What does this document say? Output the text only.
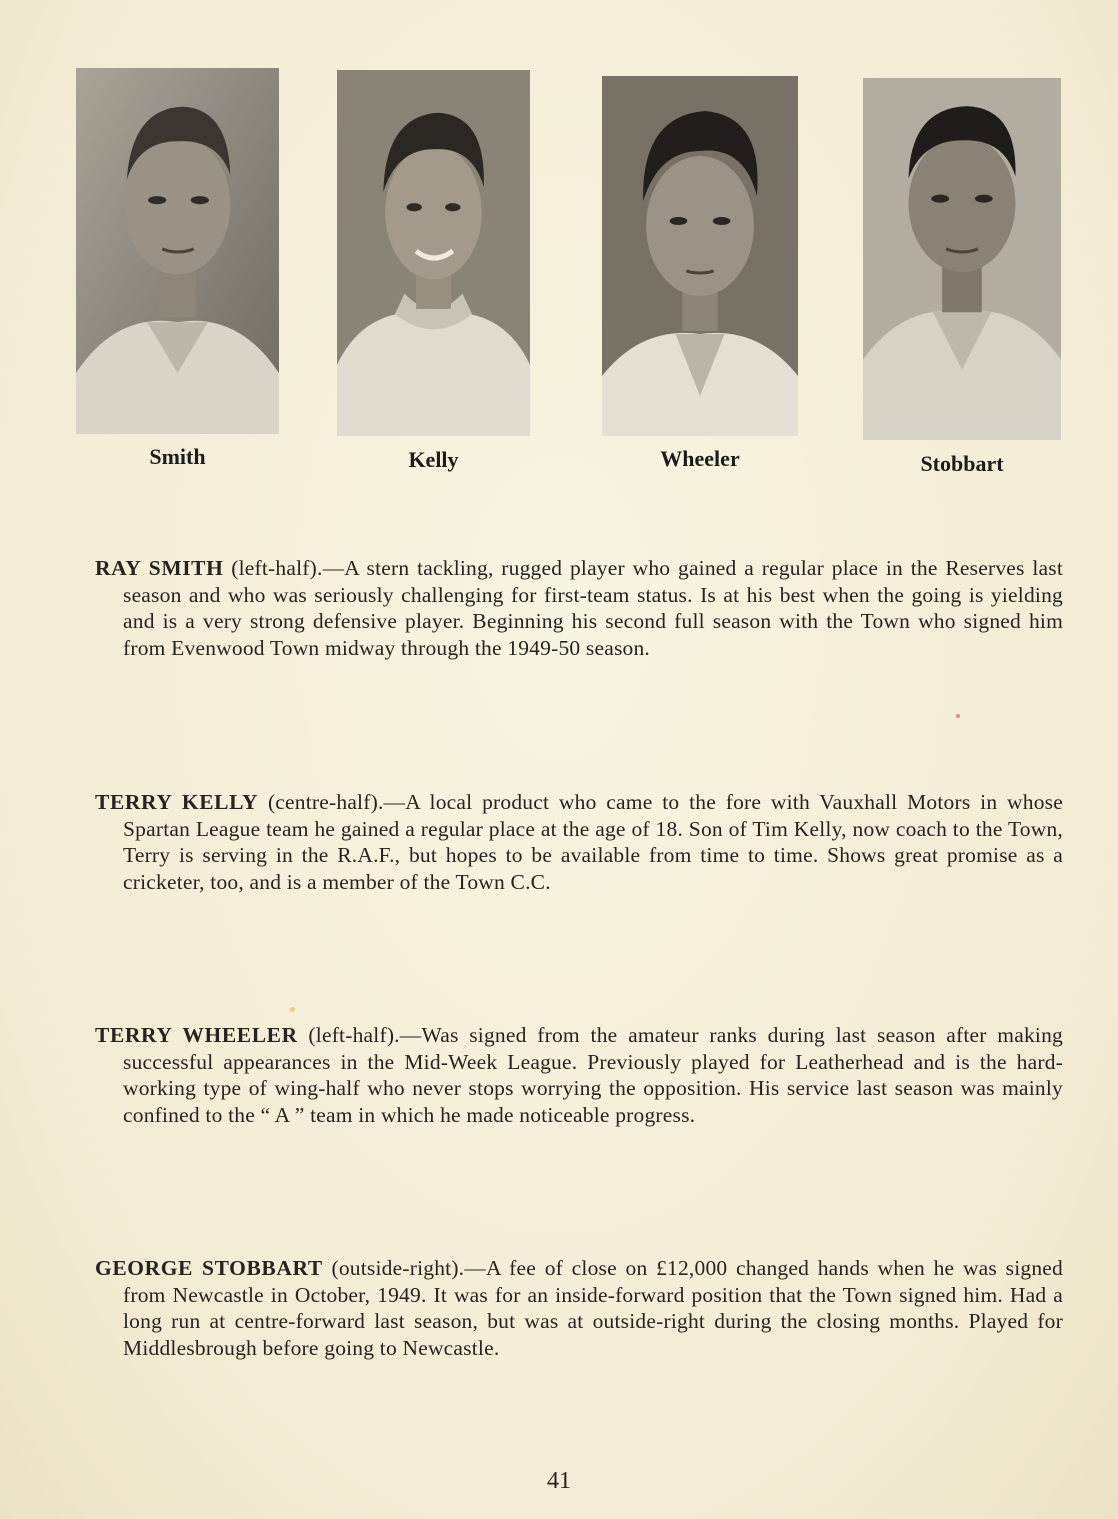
Smith	Kelly	Wheeler	Stobbart

RAY SMITH (left-half).—A stern tackling, rugged player who gained a regular place in the Reserves last season and who was seriously challenging for first-team status. Is at his best when the going is yielding and is a very strong defensive player. Beginning his second full season with the Town who signed him from Evenwood Town midway through the 1949-50 season.

TERRY KELLY (centre-half).—A local product who came to the fore with Vauxhall Motors in whose Spartan League team he gained a regular place at the age of 18. Son of Tim Kelly, now coach to the Town, Terry is serving in the R.A.F., but hopes to be available from time to time. Shows great promise as a cricketer, too, and is a member of the Town C.C.

TERRY WHEELER (left-half).—Was signed from the amateur ranks during last season after making successful appearances in the Mid-Week League. Previously played for Leatherhead and is the hard-working type of wing-half who never stops worrying the opposition. His service last season was mainly confined to the “ A ” team in which he made noticeable progress.

GEORGE STOBBART (outside-right).—A fee of close on £12,000 changed hands when he was signed from Newcastle in October, 1949. It was for an inside-forward position that the Town signed him. Had a long run at centre-forward last season, but was at outside-right during the closing months. Played for Middlesbrough before going to Newcastle.

41
